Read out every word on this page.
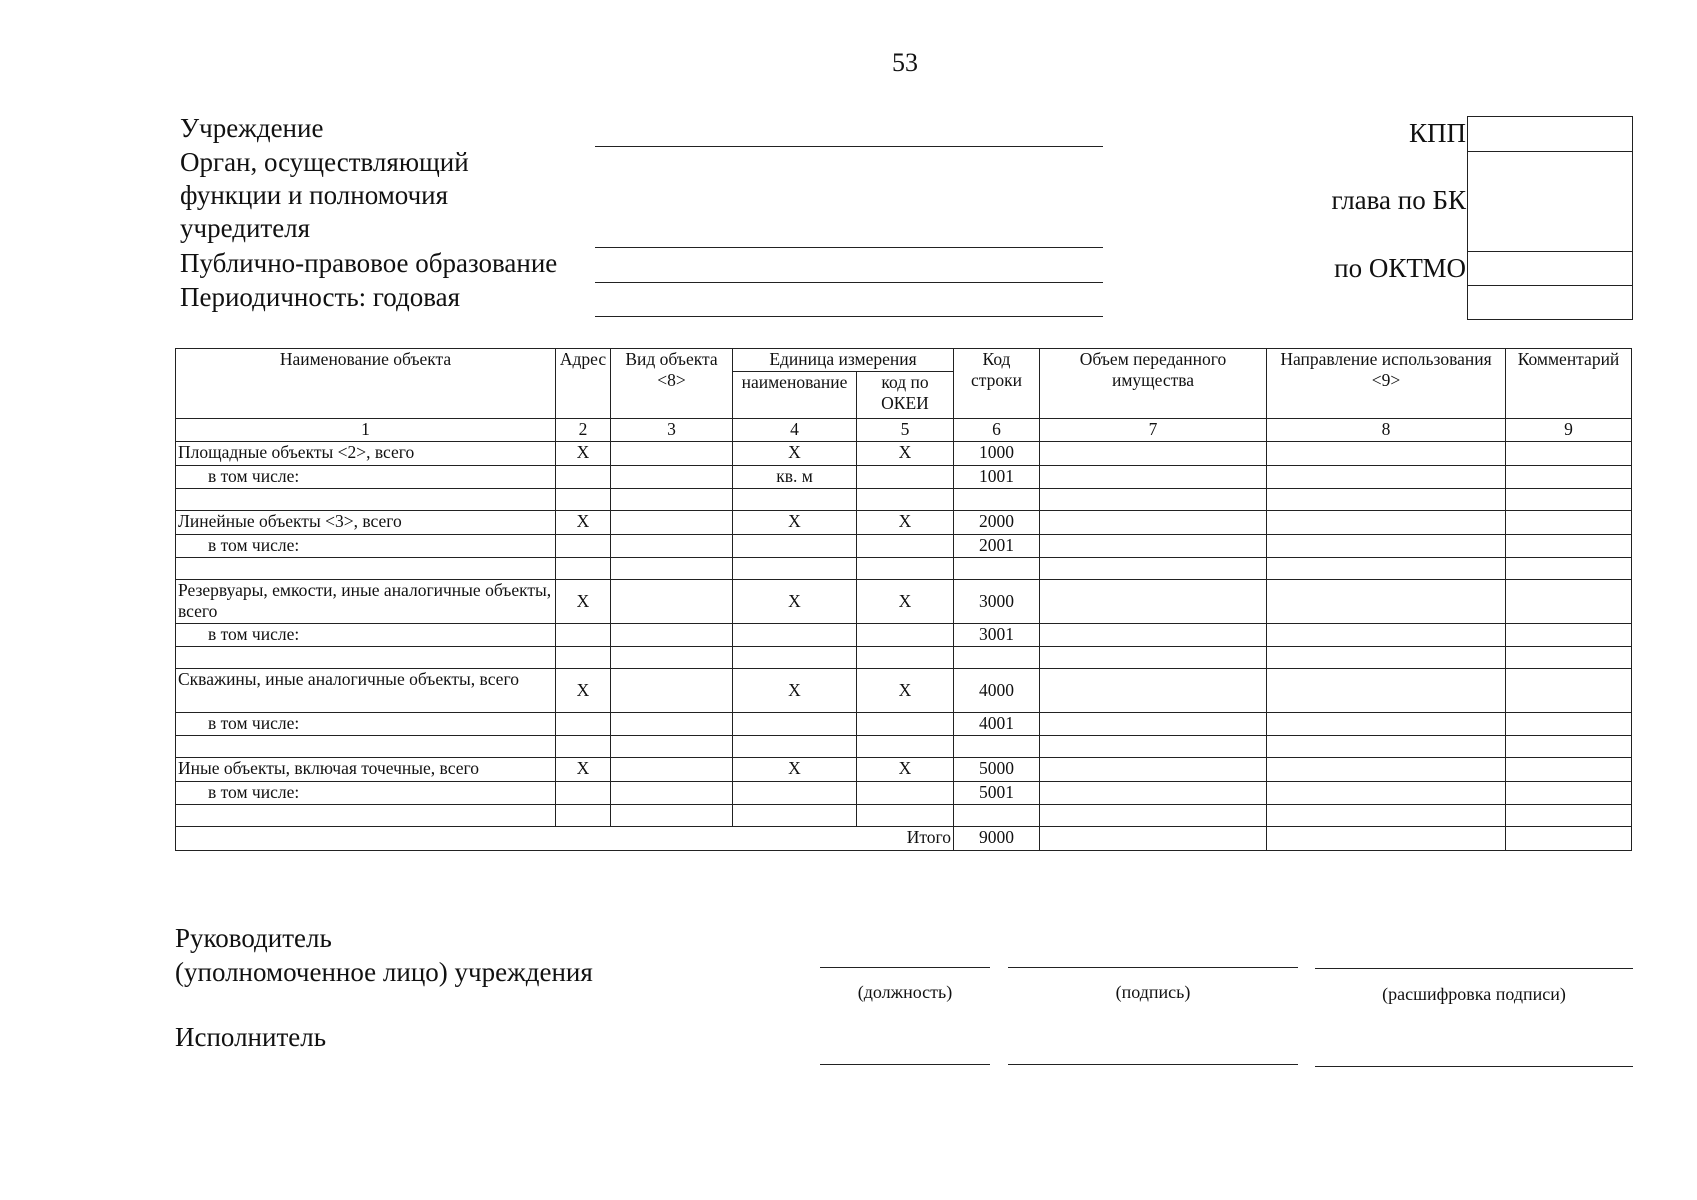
53
Учреждение
Орган, осуществляющий
функции и полномочия
учредителя
Публично-правовое образование
Периодичность: годовая
КПП
глава по БК
по ОКТМО
Наименование объекта	Адрес	Вид объекта <8>	Единица измерения		Код строки	Объем переданного имущества	Направление использования <9>	Комментарий
			наименование	код по ОКЕИ				
1	2	3	4	5	6	7	8	9
Площадные объекты <2>, всего	X		X	X	1000			
в том числе:			кв. м		1001			

Линейные объекты <3>, всего	X		X	X	2000			
в том числе:					2001			

Резервуары, емкости, иные аналогичные объекты, всего	X		X	X	3000			
в том числе:					3001			

Скважины, иные аналогичные объекты, всего	X		X	X	4000			
в том числе:					4001			

Иные объекты, включая точечные, всего	X		X	X	5000			
в том числе:					5001			

Итого					9000			
Руководитель
(уполномоченное лицо) учреждения
(должность)	(подпись)	(расшифровка подписи)
Исполнитель
